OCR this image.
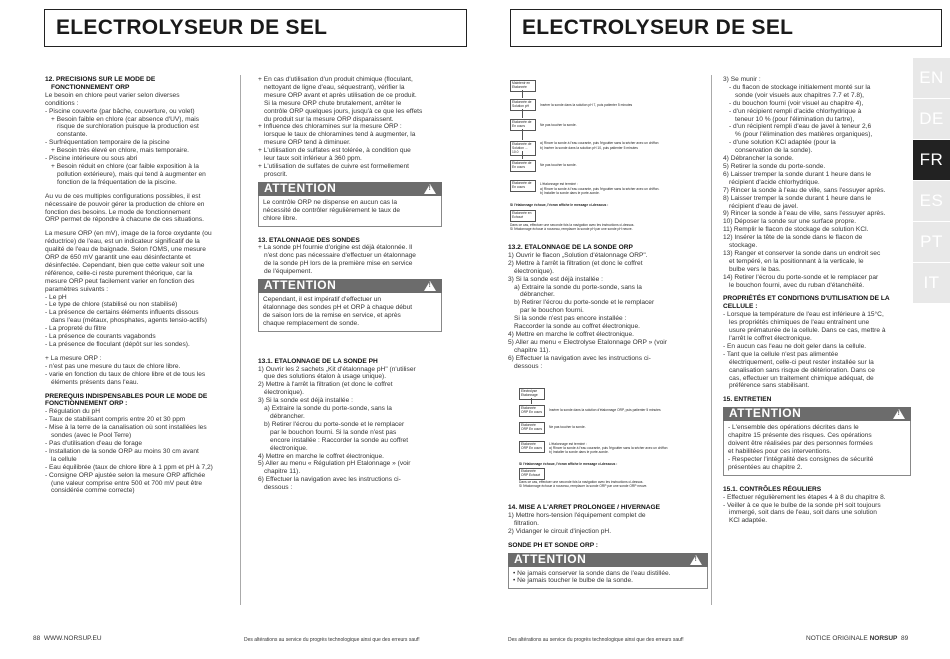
ELECTROLYSEUR DE SEL

12. PRECISIONS SUR LE MODE DE

FONCTIONNEMENT ORP

Le besoin en chlore peut varier selon diverses

conditions :

- Piscine couverte (par bâche, couverture, ou volet)

+ Besoin faible en chlore (car absence d'UV), mais

risque de surchloration puisque la production est

constante.

- Surfréquentation temporaire de la piscine

+ Besoin très élevé en chlore, mais temporaire.

- Piscine intérieure ou sous abri

+ Besoin réduit en chlore (car faible exposition à la

pollution extérieure), mais qui tend à augmenter en

fonction de la fréquentation de la piscine.

Au vu de ces multiples configurations possibles, il est

nécessaire de pouvoir gérer la production de chlore en

fonction des besoins. Le mode de fonctionnement

ORP permet de répondre à chacune de ces situations.

La mesure ORP (en mV), image de la force oxydante (ou

réductrice) de l'eau, est un indicateur significatif de la

qualité de l'eau de baignade. Selon l'OMS, une mesure

ORP de 650 mV garantit une eau désinfectante et

désinfectée. Cependant, bien que cette valeur soit une

référence, celle-ci reste purement théorique, car la

mesure ORP peut facilement varier en fonction des

paramètres suivants :

- Le pH

- Le type de chlore (stabilisé ou non stabilisé)

- La présence de certains éléments influents dissous

dans l'eau (métaux, phosphates, agents tensio-actifs)

- La propreté du filtre

- La présence de courants vagabonds

- La présence de floculant (dépôt sur les sondes).

+ La mesure ORP :

- n'est pas une mesure du taux de chlore libre.

- varie en fonction du taux de chlore libre et de tous les

éléments présents dans l'eau.

PREREQUIS INDISPENSABLES POUR LE MODE DE

FONCTIONNEMENT ORP :

- Régulation du pH

- Taux de stabilisant compris entre 20 et 30 ppm

- Mise à la terre de la canalisation où sont installées les

sondes (avec le Pool Terre)

- Pas d'utilisation d'eau de forage

- Installation de la sonde ORP au moins 30 cm avant

la cellule

- Eau équilibrée (taux de chlore libre à 1 ppm et pH à 7,2)

- Consigne ORP ajustée selon la mesure ORP affichée

(une valeur comprise entre 500 et 700 mV peut être

considérée comme correcte)

+ En cas d'utilisation d'un produit chimique (floculant,

nettoyant de ligne d'eau, séquestrant), vérifier la

mesure ORP avant et après utilisation de ce produit.

Si la mesure ORP chute brutalement, arrêter le

contrôle ORP quelques jours, jusqu'à ce que les effets

du produit sur la mesure ORP disparaissent.

+ Influence des chloramines sur la mesure ORP :

lorsque le taux de chloramines tend à augmenter, la

mesure ORP tend à diminuer.

+ L'utilisation de sulfates est tolérée, à condition que

leur taux soit inférieur à 360 ppm.

+ L'utilisation de sulfates de cuivre est formellement

proscrit.

ATTENTION
!

Le contrôle ORP ne dispense en aucun cas la

nécessité de contrôler régulièrement le taux de

chlore libre.

13. ETALONNAGE DES SONDES

+ La sonde pH fournie d'origine est déjà étalonnée. Il

n'est donc pas nécessaire d'effectuer un étalonnage

de la sonde pH lors de la première mise en service

de l'équipement.

ATTENTION
!

Cependant, il est impératif d'effectuer un

étalonnage des sondes pH et ORP à chaque début

de saison lors de la remise en service, et après

chaque remplacement de sonde.

13.1. ETALONNAGE DE LA SONDE PH

1) Ouvrir les 2 sachets „Kit d'étalonnage pH" (n'utiliser

que des solutions étalon à usage unique).

2) Mettre à l'arrêt la filtration (et donc le coffret

électronique).

3) Si la sonde est déjà installée :

a) Extraire la sonde du porte-sonde, sans la

débrancher.

b) Retirer l'écrou du porte-sonde et le remplacer

par le bouchon fourni. Si la sonde n'est pas

encore installée : Raccorder la sonde au coffret

électronique.

4) Mettre en marche le coffret électronique.

5) Aller au menu « Régulation pH Etalonnage » (voir

chapitre 11).

6) Effectuer la navigation avec les instructions ci-

dessous :

88 WWW.NORSUP.EU	Des altérations au service du progrès technologique ainsi que des erreurs sauf!
ELECTROLYSEUR DE SEL
Maintenir en Etalonnée
Etalonnée de Solution pH	Insérer la sonde dans la solution pH 7, puis patienter 5 minutes
Etalonnée de En cours	Ne pas toucher la sonde.
Etalonnée de Solution ... 10.0
a) Rincer la sonde à l'eau courante, puis l'égoutter sans la sécher avec un chiffon
b) Insérer la sonde dans la solution pH 10, puis patienter 5 minutes
Etalonnée de En cours	Ne pas toucher la sonde.
Etalonnée de En cours
L'étalonnage est terminé :
a) Rincer la sonde à l'eau courante, puis l'égoutter sans la sécher avec un chiffon.
b) Installer la sonde dans le porte-sonde.
Si l'étalonnage échoue, l'écran affiche le message ci-dessous :
Etalonnée en Echoué
Dans ce cas, effectuer une seconde fois la navigation avec les instructions ci-dessus.
Si l'étalonnage échoue à nouveau, remplacer la sonde pH par une sonde pH neuve.

13.2. ETALONNAGE DE LA SONDE ORP

1) Ouvrir le flacon „Solution d'étalonnage ORP".

2) Mettre à l'arrêt la filtration (et donc le coffret

électronique).

3) Si la sonde est déjà installée :

a) Extraire la sonde du porte-sonde, sans la

débrancher.

b) Retirer l'écrou du porte-sonde et le remplacer

par le bouchon fourni.

Si la sonde n'est pas encore installée :

Raccorder la sonde au coffret électronique.

4) Mettre en marche le coffret électronique.

5) Aller au menu « Electrolyse Etalonnage ORP » (voir

chapitre 11).

6) Effectuer la navigation avec les instructions ci-

dessous :

Electrolyse Etalonnage
Etalonnée ORP En cours	Insérer la sonde dans la solution d'étalonnage ORP, puis patienter 5 minutes
Etalonnée ORP En cours	Ne pas toucher la sonde.
Etalonnée ORP En cours
L'étalonnage est terminé :
a) Rincer la sonde à l'eau courante, puis l'égoutter sans la sécher avec un chiffon
b) Installer la sonde dans le porte-sonde.
Si l'étalonnage échoue, l'écran affiche le message ci-dessous :
Etalonnée ORP Echoué
Dans ce cas, effectuer une seconde fois la navigation avec les instructions ci-dessus.
Si l'étalonnage échoue à nouveau, remplacer la sonde ORP par une sonde ORP neuve.

14. MISE A L'ARRET PROLONGEE / HIVERNAGE

1) Mettre hors-tension l'équipement complet de

filtration.

2) Vidanger le circuit d'injection pH.

SONDE PH ET SONDE ORP :

ATTENTION
!

• Ne jamais conserver la sonde dans de l'eau distillée.

• Ne jamais toucher le bulbe de la sonde.

3) Se munir :

- du flacon de stockage initialement monté sur la

sonde (voir visuels aux chapitres 7.7 et 7.8),

- du bouchon fourni (voir visuel au chapitre 4),

- d'un récipient rempli d'acide chlorhydrique à

teneur 10 % (pour l'élimination du tartre),

- d'un récipient rempli d'eau de javel à teneur 2,6

% (pour l'élimination des matières organiques),

- d'une solution KCl adaptée (pour la

conservation de la sonde).

4) Débrancher la sonde.

5) Retirer la sonde du porte-sonde.

6) Laisser tremper la sonde durant 1 heure dans le

récipient d'acide chlorhydrique.

7) Rincer la sonde à l'eau de ville, sans l'essuyer après.

8) Laisser tremper la sonde durant 1 heure dans le

récipient d'eau de javel.

9) Rincer la sonde à l'eau de ville, sans l'essuyer après.

10) Déposer la sonde sur une surface propre.

11) Remplir le flacon de stockage de solution KCl.

12) Insérer la tête de la sonde dans le flacon de

stockage.

13) Ranger et conserver la sonde dans un endroit sec

et tempéré, en la positionnant à la verticale, le

bulbe vers le bas.

14) Retirer l'écrou du porte-sonde et le remplacer par

le bouchon fourni, avec du ruban d'étanchéité.

PROPRIÉTÉS ET CONDITIONS D'UTILISATION DE LA

CELLULE :

- Lorsque la température de l'eau est inférieure à 15°C,

les propriétés chimiques de l'eau entraînent une

usure prématurée de la cellule. Dans ce cas, mettre à

l'arrêt le coffret électronique.

- En aucun cas l'eau ne doit geler dans la cellule.

- Tant que la cellule n'est pas alimentée

électriquement, celle-ci peut rester installée sur la

canalisation sans risque de détérioration. Dans ce

cas, effectuer un traitement chimique adéquat, de

préférence sans stabilisant.

15. ENTRETIEN

ATTENTION
!

- L'ensemble des opérations décrites dans le

chapitre 15 présente des risques. Ces opérations

doivent être réalisées par des personnes formées

et habilitées pour ces interventions.

- Respecter l'intégralité des consignes de sécurité

présentées au chapitre 2.

15.1. CONTRÔLES RÉGULIERS

- Effectuer régulièrement les étapes 4 à 8 du chapitre 8.

- Veiller à ce que le bulbe de la sonde pH soit toujours

immergé, soit dans de l'eau, soit dans une solution

KCl adaptée.

Des altérations au service du progrès technologique ainsi que des erreurs sauf!	NOTICE ORIGINALE NORSUP 89
EN
DE
FR
ES
PT
IT
